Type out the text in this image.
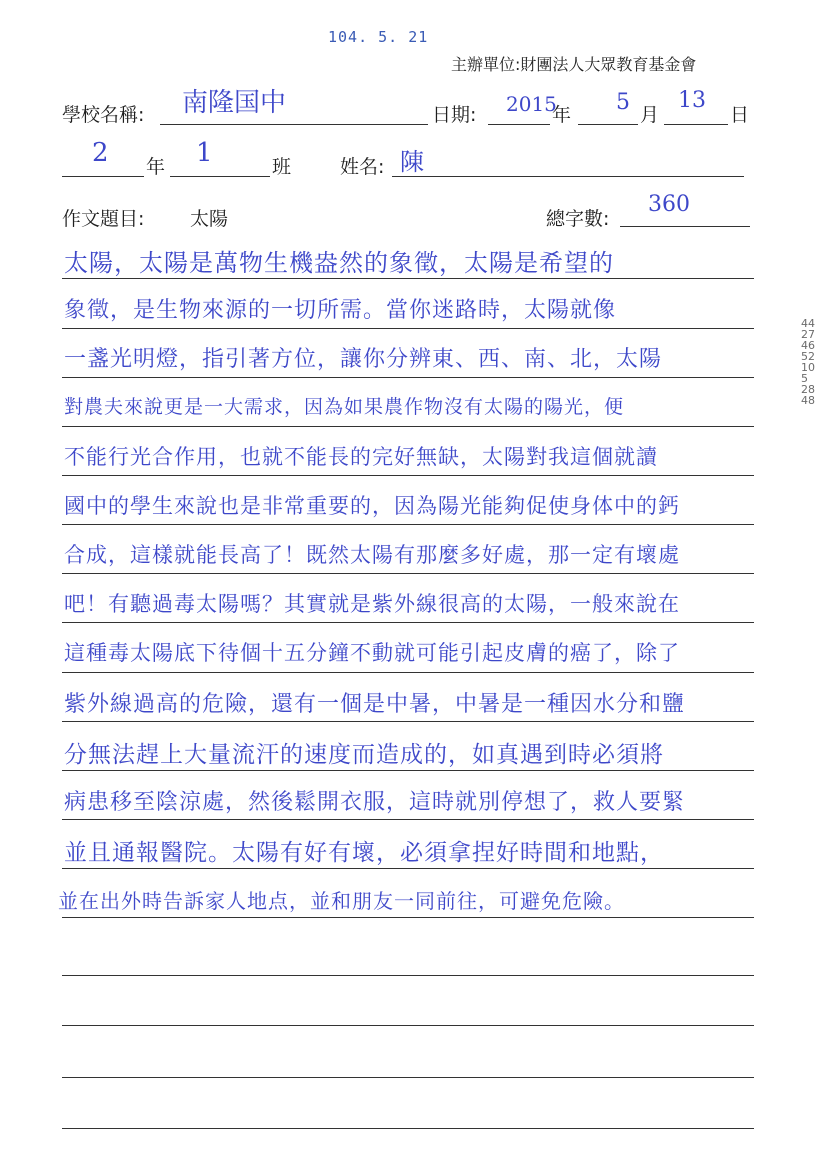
104. 5. 21
主辦單位:財團法人大眾教育基金會
學校名稱: 南隆国中	日期: 2015
年 5 月
13
日
2 年 1	班	姓名: 陳
作文題目: 太陽	總字數:
360
太陽，太陽是萬物生機盎然的象徵，太陽是希望的
象徵，是生物來源的一切所需。當你迷路時，太陽就像
一盞光明燈，指引著方位，讓你分辨東、西、南、北，太陽
對農夫來說更是一大需求，因為如果農作物沒有太陽的陽光，便
不能行光合作用，也就不能長的完好無缺，太陽對我這個就讀
國中的學生來說也是非常重要的，因為陽光能夠促使身体中的鈣
合成，這樣就能長高了！既然太陽有那麼多好處，那一定有壞處
吧！有聽過毒太陽嗎？其實就是紫外線很高的太陽，一般來說在
這種毒太陽底下待個十五分鐘不動就可能引起皮膚的癌了，除了
紫外線過高的危險，還有一個是中暑，中暑是一種因水分和鹽
分無法趕上大量流汗的速度而造成的，如真遇到時必須將
病患移至陰涼處，然後鬆開衣服，這時就別停想了，救人要緊
並且通報醫院。太陽有好有壞，必須拿捏好時間和地點，
並在出外時告訴家人地点，並和朋友一同前往，可避免危險。
44
27
46
52
10
5
28
48
